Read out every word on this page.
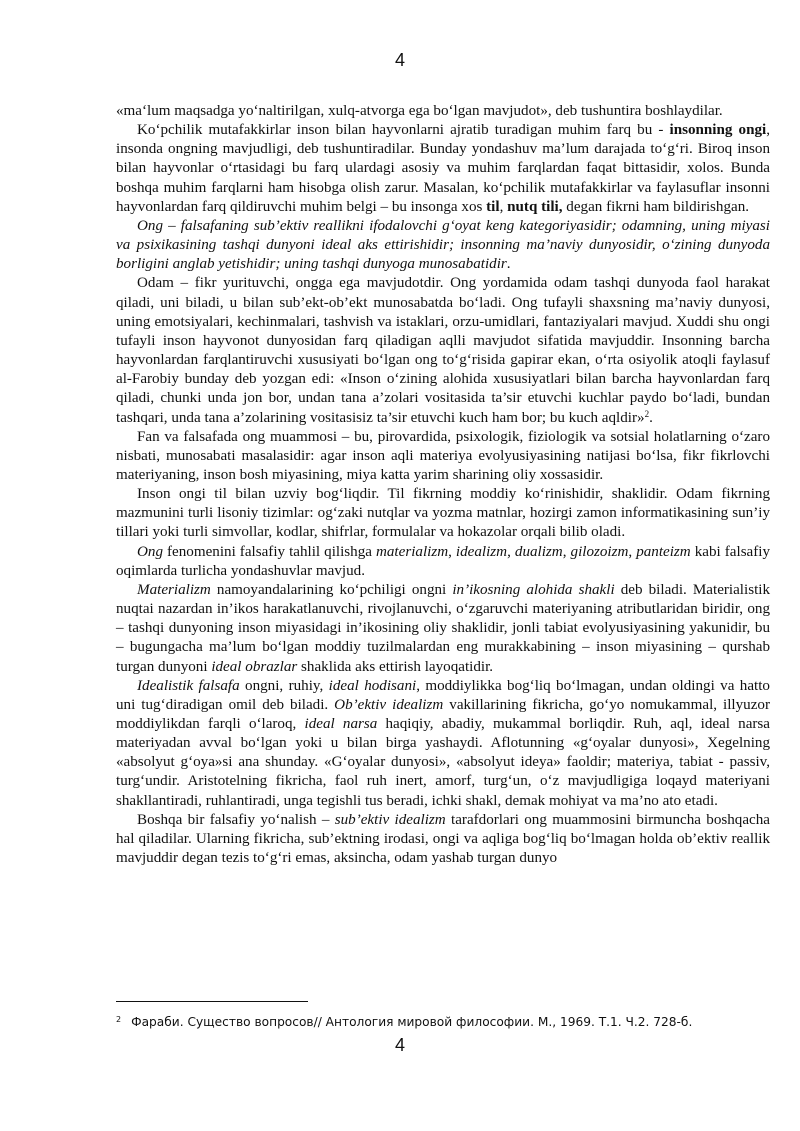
4

«ma‘lum maqsadga yo‘naltirilgan, xulq-atvorga ega bo‘lgan mavjudot», deb tushuntira boshlaydilar.

Ko‘pchilik mutafakkirlar inson bilan hayvonlarni ajratib turadigan muhim farq bu - insonning ongi, insonda ongning mavjudligi, deb tushuntiradilar. Bunday yondashuv ma’lum darajada to‘g‘ri. Biroq inson bilan hayvonlar o‘rtasidagi bu farq ulardagi asosiy va muhim farqlardan faqat bittasidir, xolos. Bunda boshqa muhim farqlarni ham hisobga olish zarur. Masalan, ko‘pchilik mutafakkirlar va faylasuflar insonni hayvonlardan farq qildiruvchi muhim belgi – bu insonga xos til, nutq tili, degan fikrni ham bildirishgan.

Ong – falsafaning sub’ektiv reallikni ifodalovchi g‘oyat keng kategoriyasidir; odamning, uning miyasi va psixikasining tashqi dunyoni ideal aks ettirishidir; insonning ma’naviy dunyosidir, o‘zining dunyoda borligini anglab yetishidir; uning tashqi dunyoga munosabatidir.

Odam – fikr yurituvchi, ongga ega mavjudotdir. Ong yordamida odam tashqi dunyoda faol harakat qiladi, uni biladi, u bilan sub’ekt-ob’ekt munosabatda bo‘ladi. Ong tufayli shaxsning ma’naviy dunyosi, uning emotsiyalari, kechinmalari, tashvish va istaklari, orzu-umidlari, fantaziyalari mavjud. Xuddi shu ongi tufayli inson hayvonot dunyosidan farq qiladigan aqlli mavjudot sifatida mavjuddir. Insonning barcha hayvonlardan farqlantiruvchi xususiyati bo‘lgan ong to‘g‘risida gapirar ekan, o‘rta osiyolik atoqli faylasuf al-Farobiy bunday deb yozgan edi: «Inson o‘zining alohida xususiyatlari bilan barcha hayvonlardan farq qiladi, chunki unda jon bor, undan tana a’zolari vositasida ta’sir etuvchi kuchlar paydo bo‘ladi, bundan tashqari, unda tana a’zolarining vositasisiz ta’sir etuvchi kuch ham bor; bu kuch aqldir»$^2$.

Fan va falsafada ong muammosi – bu, pirovardida, psixologik, fiziologik va sotsial holatlarning o‘zaro nisbati, munosabati masalasidir: agar inson aqli materiya evolyusiyasining natijasi bo‘lsa, fikr fikrlovchi materiyaning, inson bosh miyasining, miya katta yarim sharining oliy xossasidir.

Inson ongi til bilan uzviy bog‘liqdir. Til fikrning moddiy ko‘rinishidir, shaklidir. Odam fikrning mazmunini turli lisoniy tizimlar: og‘zaki nutqlar va yozma matnlar, hozirgi zamon informatikasining sun’iy tillari yoki turli simvollar, kodlar, shifrlar, formulalar va hokazolar orqali bilib oladi.

Ong fenomenini falsafiy tahlil qilishga materializm, idealizm, dualizm, gilozoizm, panteizm kabi falsafiy oqimlarda turlicha yondashuvlar mavjud.

Materializm namoyandalarining ko‘pchiligi ongni in’ikosning alohida shakli deb biladi. Materialistik nuqtai nazardan in’ikos harakatlanuvchi, rivojlanuvchi, o‘zgaruvchi materiyaning atributlaridan biridir, ong – tashqi dunyoning inson miyasidagi in’ikosining oliy shaklidir, jonli tabiat evolyusiyasining yakunidir, bu – bugungacha ma’lum bo‘lgan moddiy tuzilmalardan eng murakkabining – inson miyasining – qurshab turgan dunyoni ideal obrazlar shaklida aks ettirish layoqatidir.

Idealistik falsafa ongni, ruhiy, ideal hodisani, moddiylikka bog‘liq bo‘lmagan, undan oldingi va hatto uni tug‘diradigan omil deb biladi. Ob’ektiv idealizm vakillarining fikricha, go‘yo nomukammal, illyuzor moddiylikdan farqli o‘laroq, ideal narsa haqiqiy, abadiy, mukammal borliqdir. Ruh, aql, ideal narsa materiyadan avval bo‘lgan yoki u bilan birga yashaydi. Aflotunning «g‘oyalar dunyosi», Xegelning «absolyut g‘oya»si ana shunday. «G‘oyalar dunyosi», «absolyut ideya» faoldir; materiya, tabiat - passiv, turg‘undir. Aristotelning fikricha, faol ruh inert, amorf, turg‘un, o‘z mavjudligiga loqayd materiyani shakllantiradi, ruhlantiradi, unga tegishli tus beradi, ichki shakl, demak mohiyat va ma’no ato etadi.

Boshqa bir falsafiy yo‘nalish – sub’ektiv idealizm tarafdorlari ong muammosini birmuncha boshqacha hal qiladilar. Ularning fikricha, sub’ektning irodasi, ongi va aqliga bog‘liq bo‘lmagan holda ob’ektiv reallik mavjuddir degan tezis to‘g‘ri emas, aksincha, odam yashab turgan dunyo

$^2$ Фараби. Существо вопросов// Антология мировой философии. М., 1969. Т.1. Ч.2. 728-б.
4
